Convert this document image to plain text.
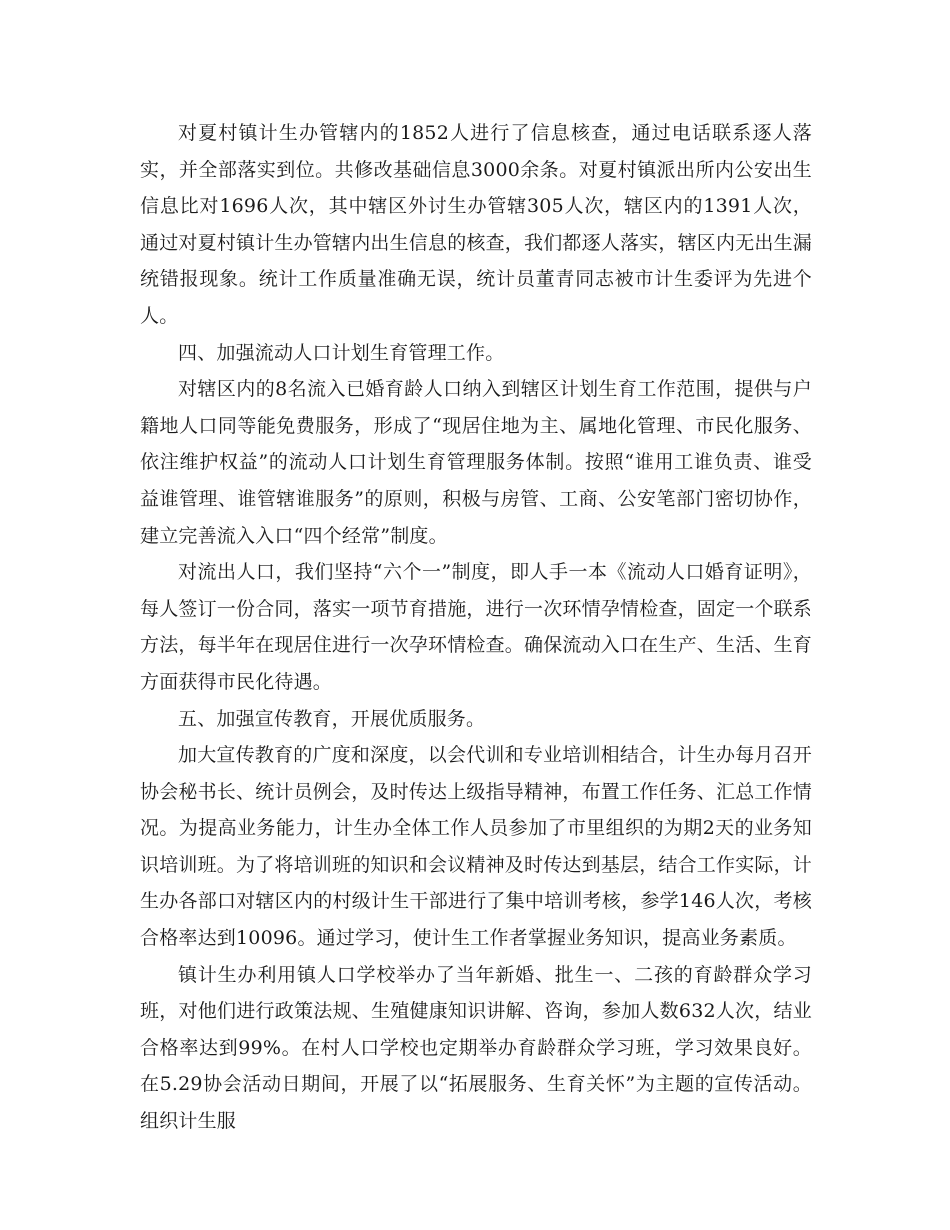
对夏村镇计生办管辖内的1852人进行了信息核查，通过电话联系逐人落实，并全部落实到位。共修改基础信息3000余条。对夏村镇派出所内公安出生信息比对1696人次，其中辖区外讨生办管辖305人次，辖区内的1391人次，通过对夏村镇计生办管辖内出生信息的核查，我们都逐人落实，辖区内无出生漏统错报现象。统计工作质量准确无误，统计员董青同志被市计生委评为先进个人。

四、加强流动人口计划生育管理工作。

对辖区内的8名流入已婚育龄人口纳入到辖区计划生育工作范围，提供与户籍地人口同等能免费服务，形成了“现居住地为主、属地化管理、市民化服务、依注维护权益”的流动人口计划生育管理服务体制。按照“谁用工谁负责、谁受益谁管理、谁管辖谁服务”的原则，积极与房管、工商、公安笔部门密切协作，建立完善流入入口“四个经常”制度。

对流出人口，我们坚持“六个一”制度，即人手一本《流动人口婚育证明》，每人签订一份合同，落实一项节育措施，进行一次环情孕情检查，固定一个联系方法，每半年在现居住进行一次孕环情检查。确保流动入口在生产、生活、生育方面获得市民化待遇。

五、加强宣传教育，开展优质服务。

加大宣传教育的广度和深度，以会代训和专业培训相结合，计生办每月召开协会秘书长、统计员例会，及时传达上级指导精神，布置工作任务、汇总工作情况。为提高业务能力，计生办全体工作人员参加了市里组织的为期2天的业务知识培训班。为了将培训班的知识和会议精神及时传达到基层，结合工作实际，计生办各部口对辖区内的村级计生干部进行了集中培训考核，参学146人次，考核合格率达到10096。通过学习，使计生工作者掌握业务知识，提高业务素质。

镇计生办利用镇人口学校举办了当年新婚、批生一、二孩的育龄群众学习班，对他们进行政策法规、生殖健康知识讲解、咨询，参加人数632人次，结业合格率达到99%。在村人口学校也定期举办育龄群众学习班，学习效果良好。在5.29协会活动日期间，开展了以“拓展服务、生育关怀”为主题的宣传活动。组织计生服
